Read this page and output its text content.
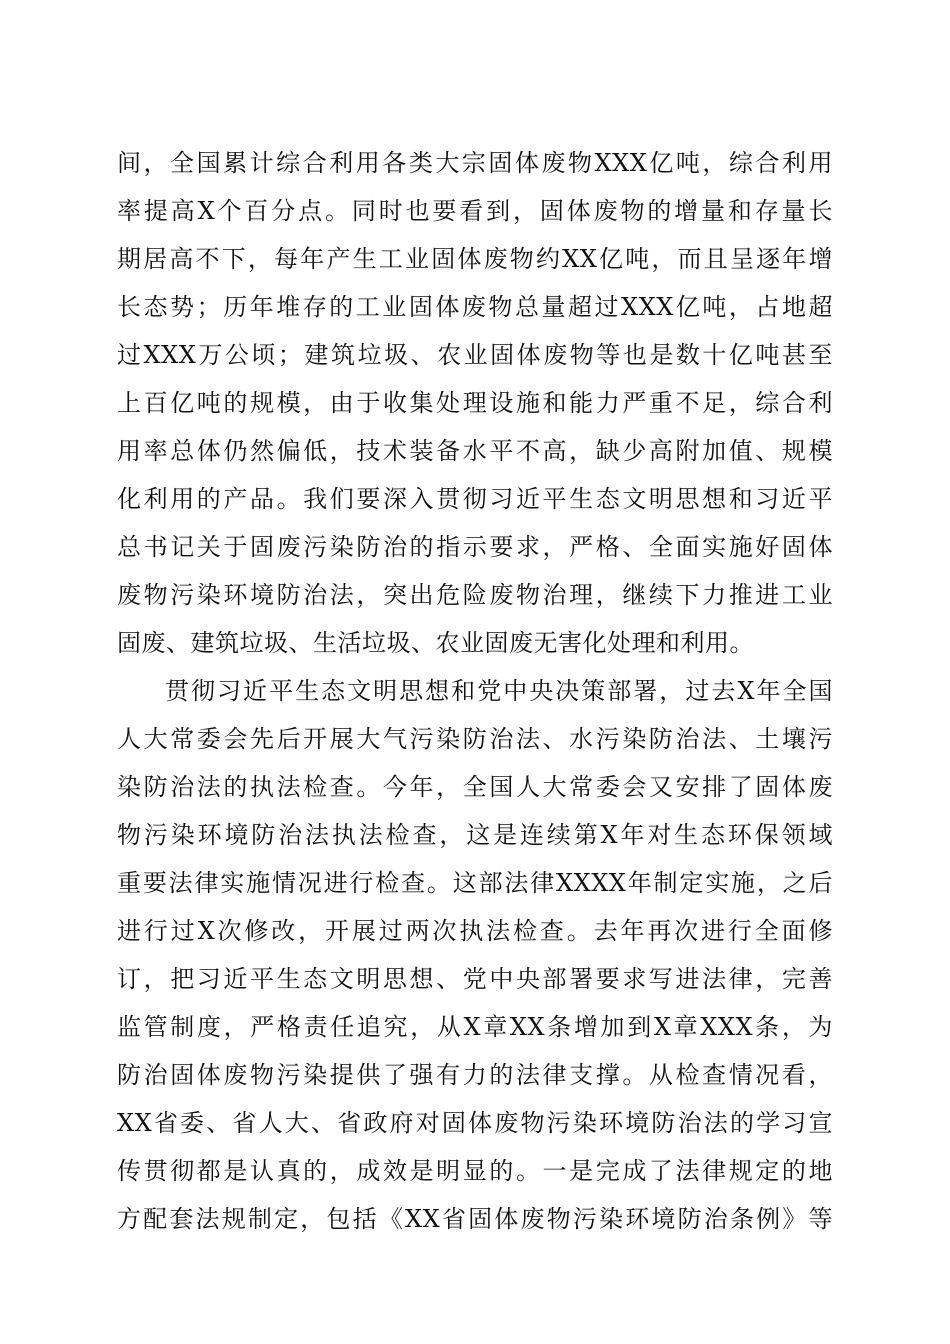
间，全国累计综合利用各类大宗固体废物XXX亿吨，综合利用
率提高X个百分点。同时也要看到，固体废物的增量和存量长
期居高不下，每年产生工业固体废物约XX亿吨，而且呈逐年增
长态势；历年堆存的工业固体废物总量超过XXX亿吨，占地超
过XXX万公顷；建筑垃圾、农业固体废物等也是数十亿吨甚至
上百亿吨的规模，由于收集处理设施和能力严重不足，综合利
用率总体仍然偏低，技术装备水平不高，缺少高附加值、规模
化利用的产品。我们要深入贯彻习近平生态文明思想和习近平
总书记关于固废污染防治的指示要求，严格、全面实施好固体
废物污染环境防治法，突出危险废物治理，继续下力推进工业
固废、建筑垃圾、生活垃圾、农业固废无害化处理和利用。
贯彻习近平生态文明思想和党中央决策部署，过去X年全国
人大常委会先后开展大气污染防治法、水污染防治法、土壤污
染防治法的执法检查。今年，全国人大常委会又安排了固体废
物污染环境防治法执法检查，这是连续第X年对生态环保领域
重要法律实施情况进行检查。这部法律XXXX年制定实施，之后
进行过X次修改，开展过两次执法检查。去年再次进行全面修
订，把习近平生态文明思想、党中央部署要求写进法律，完善
监管制度，严格责任追究，从X章XX条增加到X章XXX条，为
防治固体废物污染提供了强有力的法律支撑。从检查情况看，
XX省委、省人大、省政府对固体废物污染环境防治法的学习宣
传贯彻都是认真的，成效是明显的。一是完成了法律规定的地
方配套法规制定，包括《XX省固体废物污染环境防治条例》等
